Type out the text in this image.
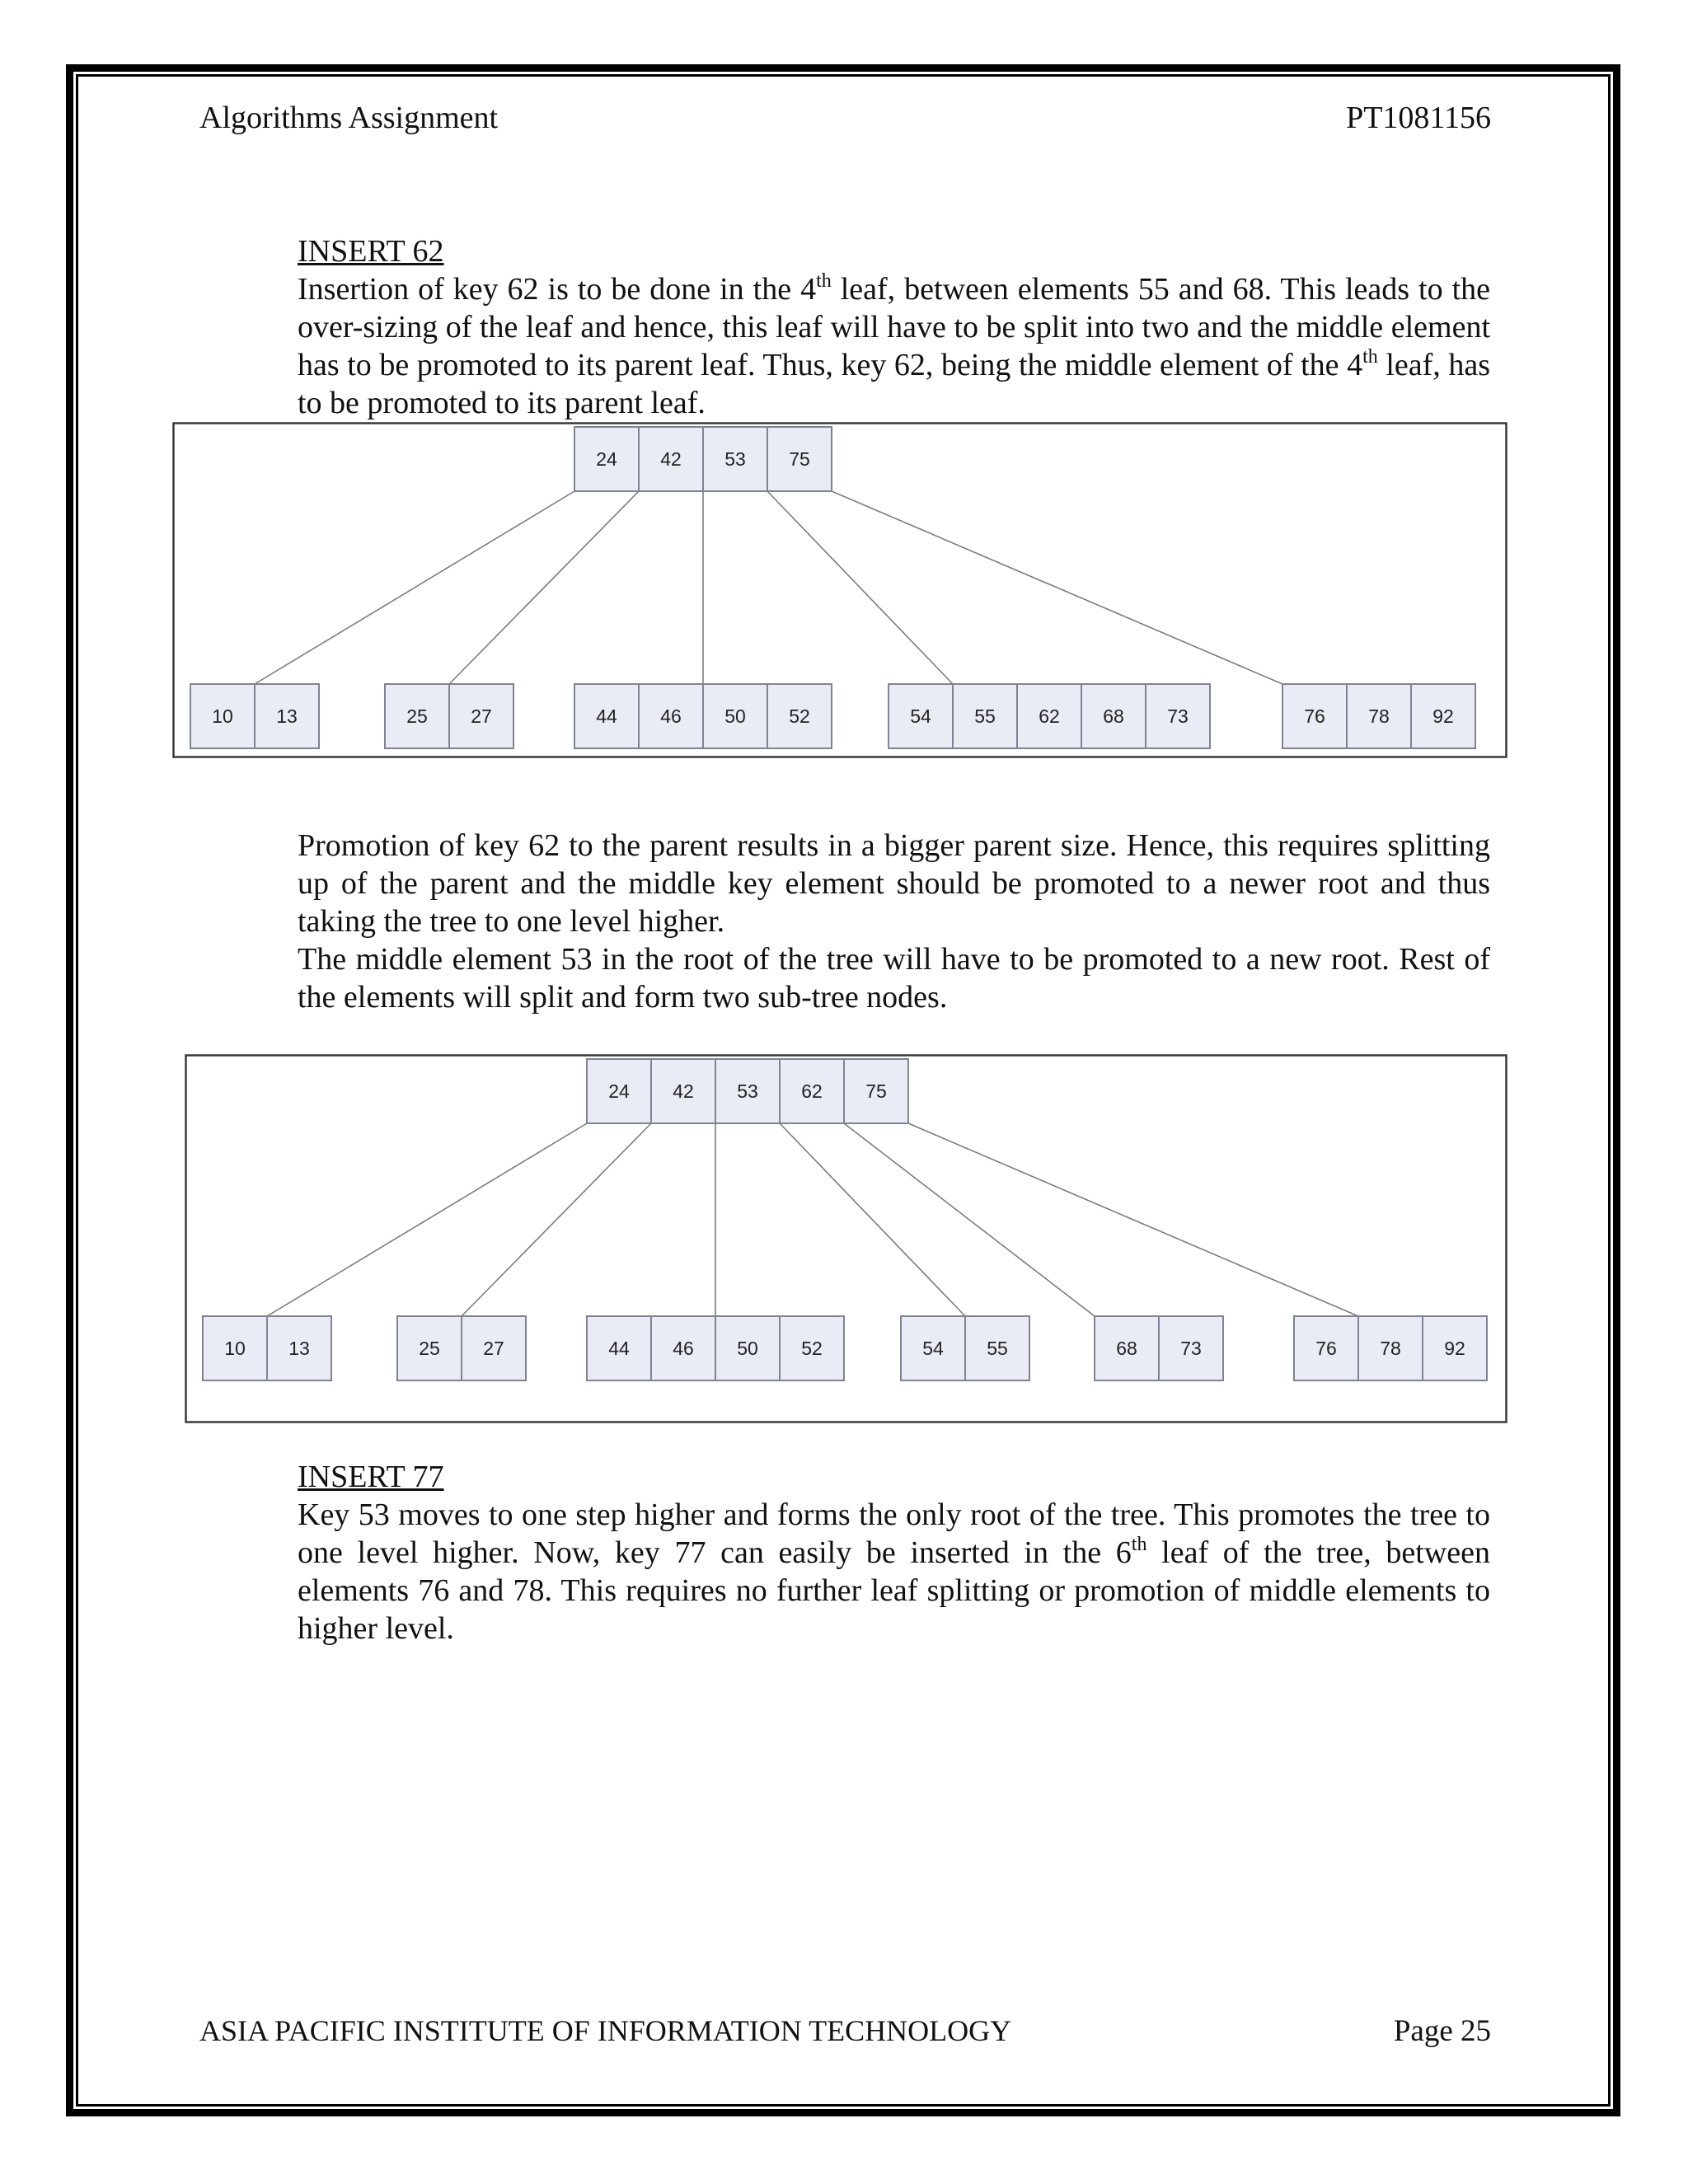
Algorithms Assignment	PT1081156

INSERT 62

Insertion of key 62 is to be done in the 4th leaf, between elements 55 and 68. This leads to the over-sizing of the leaf and hence, this leaf will have to be split into two and the middle element has to be promoted to its parent leaf. Thus, key 62, being the middle element of the 4th leaf, has to be promoted to its parent leaf.

24 42 53 75
10 13	25 27	44 46 50 52	54 55 62 68 73	76 78 92

Promotion of key 62 to the parent results in a bigger parent size. Hence, this requires splitting up of the parent and the middle key element should be promoted to a newer root and thus taking the tree to one level higher.

The middle element 53 in the root of the tree will have to be promoted to a new root. Rest of the elements will split and form two sub-tree nodes.

24 42 53 62 75
10 13	25 27	44 46 50 52	54 55	68 73	76 78 92

INSERT 77

Key 53 moves to one step higher and forms the only root of the tree. This promotes the tree to one level higher. Now, key 77 can easily be inserted in the 6th leaf of the tree, between elements 76 and 78. This requires no further leaf splitting or promotion of middle elements to higher level.

ASIA PACIFIC INSTITUTE OF INFORMATION TECHNOLOGY	Page 25
